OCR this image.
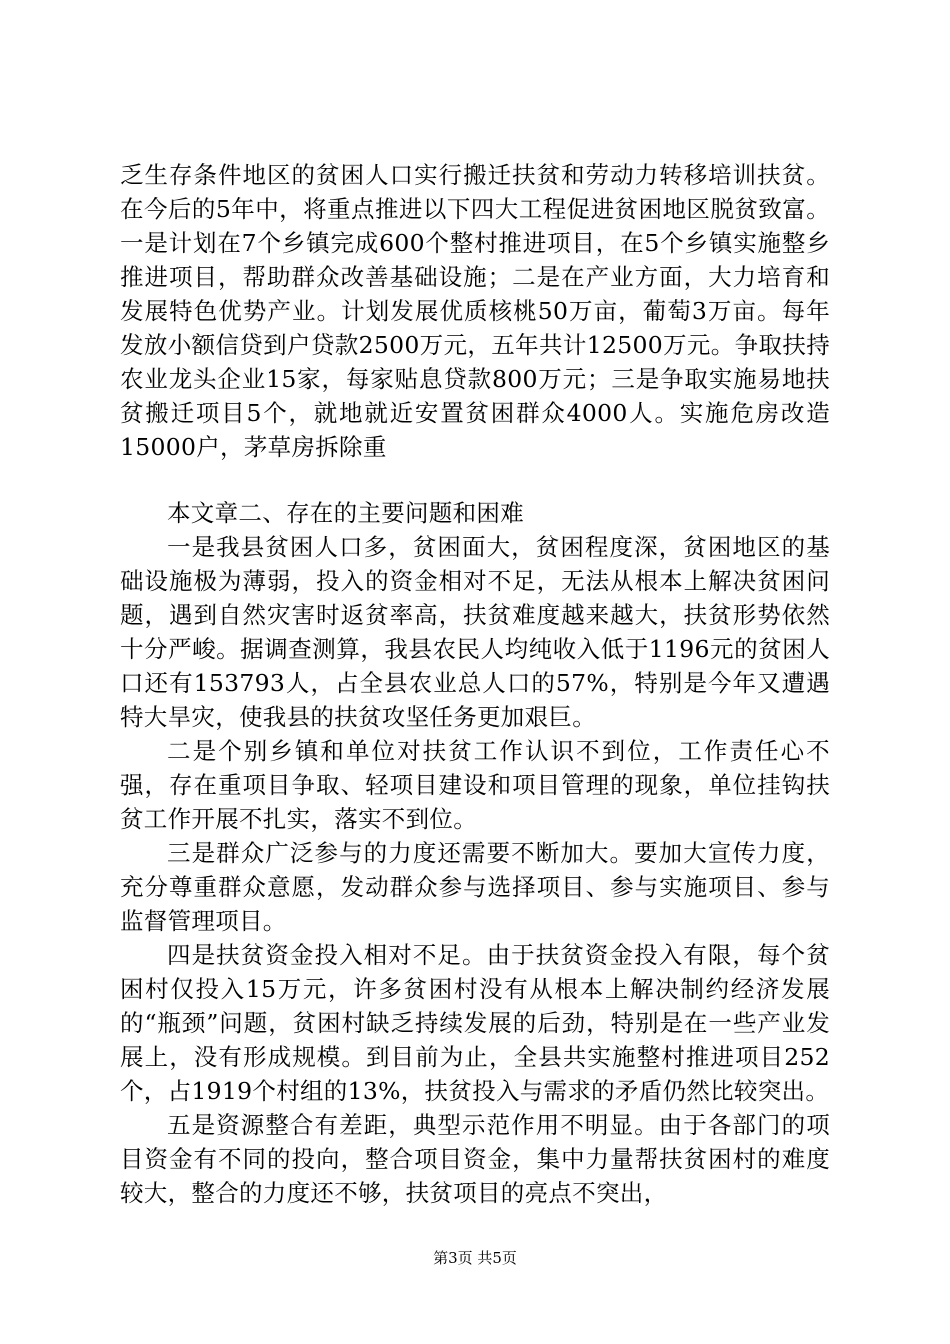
乏生存条件地区的贫困人口实行搬迁扶贫和劳动力转移培训扶贫。在今后的5年中，将重点推进以下四大工程促进贫困地区脱贫致富。一是计划在7个乡镇完成600个整村推进项目，在5个乡镇实施整乡推进项目，帮助群众改善基础设施；二是在产业方面，大力培育和发展特色优势产业。计划发展优质核桃50万亩，葡萄3万亩。每年发放小额信贷到户贷款2500万元，五年共计12500万元。争取扶持农业龙头企业15家，每家贴息贷款800万元；三是争取实施易地扶贫搬迁项目5个，就地就近安置贫困群众4000人。实施危房改造15000户，茅草房拆除重

本文章二、存在的主要问题和困难

一是我县贫困人口多，贫困面大，贫困程度深，贫困地区的基础设施极为薄弱，投入的资金相对不足，无法从根本上解决贫困问题，遇到自然灾害时返贫率高，扶贫难度越来越大，扶贫形势依然十分严峻。据调查测算，我县农民人均纯收入低于1196元的贫困人口还有153793人，占全县农业总人口的57%，特别是今年又遭遇特大旱灾，使我县的扶贫攻坚任务更加艰巨。

二是个别乡镇和单位对扶贫工作认识不到位，工作责任心不强，存在重项目争取、轻项目建设和项目管理的现象，单位挂钩扶贫工作开展不扎实，落实不到位。

三是群众广泛参与的力度还需要不断加大。要加大宣传力度，充分尊重群众意愿，发动群众参与选择项目、参与实施项目、参与监督管理项目。

四是扶贫资金投入相对不足。由于扶贫资金投入有限，每个贫困村仅投入15万元，许多贫困村没有从根本上解决制约经济发展的“瓶颈”问题，贫困村缺乏持续发展的后劲，特别是在一些产业发展上，没有形成规模。到目前为止，全县共实施整村推进项目252个，占1919个村组的13%，扶贫投入与需求的矛盾仍然比较突出。

五是资源整合有差距，典型示范作用不明显。由于各部门的项目资金有不同的投向，整合项目资金，集中力量帮扶贫困村的难度较大，整合的力度还不够，扶贫项目的亮点不突出，

第3页 共5页
